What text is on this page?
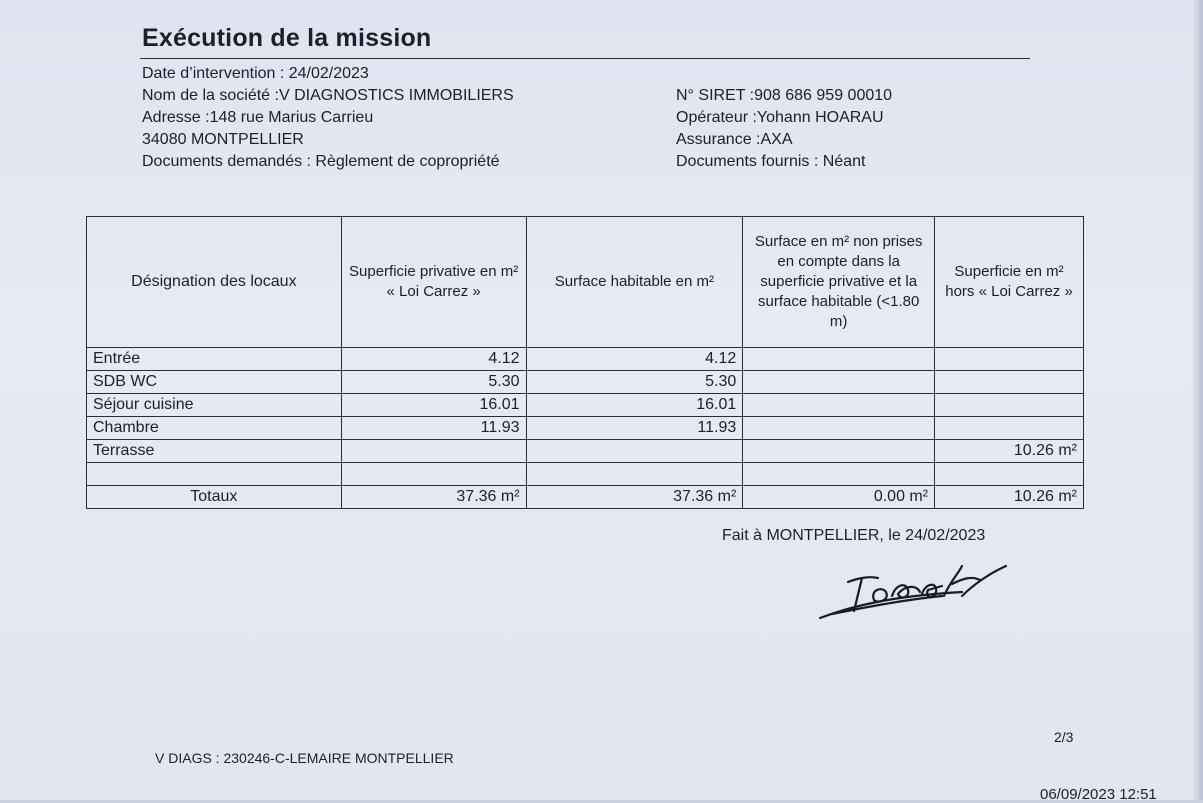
Exécution de la mission
Date d’intervention : 24/02/2023
Nom de la société :V DIAGNOSTICS IMMOBILIERS
Adresse :148 rue Marius Carrieu
34080 MONTPELLIER
Documents demandés : Règlement de copropriété
N° SIRET :908 686 959 00010
Opérateur :Yohann HOARAU
Assurance :AXA
Documents fournis : Néant
Désignation des locaux	Superficie privative en m² « Loi Carrez »	Surface habitable en m²	Surface en m² non prises en compte dans la superficie privative et la surface habitable (<1.80 m)	Superficie en m² hors « Loi Carrez »
Entrée	4.12	4.12		
SDB WC	5.30	5.30		
Séjour cuisine	16.01	16.01		
Chambre	11.93	11.93		
Terrasse				10.26 m²

Totaux	37.36 m²	37.36 m²	0.00 m²	10.26 m²
Fait à MONTPELLIER, le 24/02/2023
2/3
V DIAGS : 230246-C-LEMAIRE MONTPELLIER
06/09/2023 12:51
